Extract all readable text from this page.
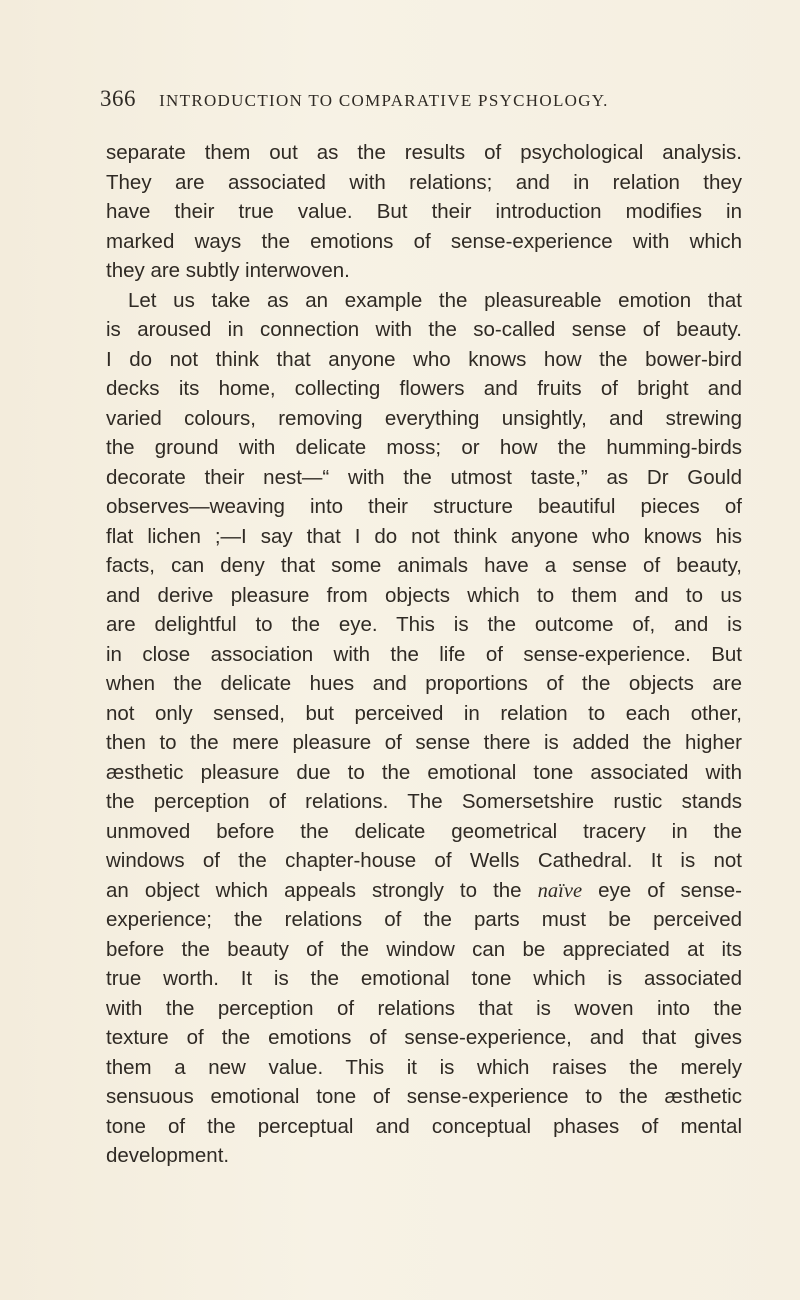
366 INTRODUCTION TO COMPARATIVE PSYCHOLOGY.
separate them out as the results of psychological analysis.
They are associated with relations; and in relation they
have their true value. But their introduction modifies in
marked ways the emotions of sense-experience with which
they are subtly interwoven.
Let us take as an example the pleasureable emotion that
is aroused in connection with the so-called sense of beauty.
I do not think that anyone who knows how the bower-bird
decks its home, collecting flowers and fruits of bright and
varied colours, removing everything unsightly, and strewing
the ground with delicate moss; or how the humming-birds
decorate their nest—“ with the utmost taste,” as Dr Gould
observes—weaving into their structure beautiful pieces of
flat lichen ;—I say that I do not think anyone who knows his
facts, can deny that some animals have a sense of beauty,
and derive pleasure from objects which to them and to us
are delightful to the eye. This is the outcome of, and is
in close association with the life of sense-experience. But
when the delicate hues and proportions of the objects are
not only sensed, but perceived in relation to each other,
then to the mere pleasure of sense there is added the higher
æsthetic pleasure due to the emotional tone associated with
the perception of relations. The Somersetshire rustic stands
unmoved before the delicate geometrical tracery in the
windows of the chapter-house of Wells Cathedral. It is not
an object which appeals strongly to the naïve eye of sense-
experience; the relations of the parts must be perceived
before the beauty of the window can be appreciated at its
true worth. It is the emotional tone which is associated
with the perception of relations that is woven into the
texture of the emotions of sense-experience, and that gives
them a new value. This it is which raises the merely
sensuous emotional tone of sense-experience to the æsthetic
tone of the perceptual and conceptual phases of mental
development.
